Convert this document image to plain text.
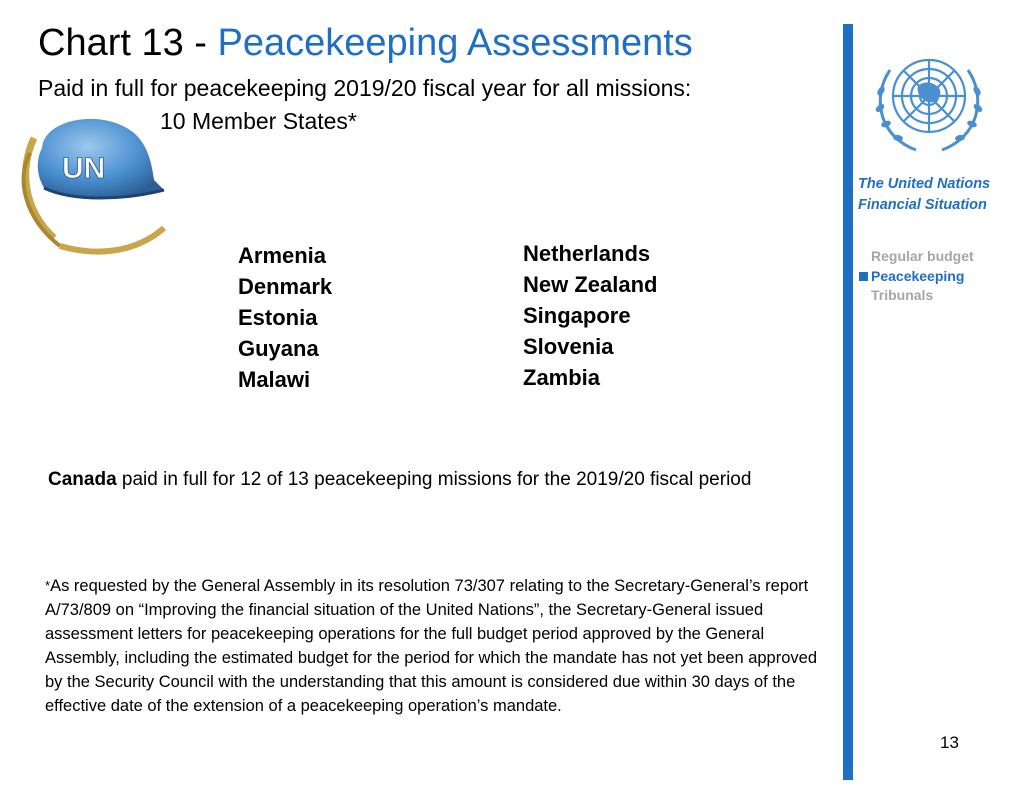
Chart 13 - Peacekeeping Assessments
Paid in full for peacekeeping 2019/20 fiscal year for all missions:
UN
10 Member States*
Armenia
Denmark
Estonia
Guyana
Malawi
Netherlands
New Zealand
Singapore
Slovenia
Zambia
Canada paid in full for 12 of 13 peacekeeping missions for the 2019/20 fiscal period
*As requested by the General Assembly in its resolution 73/307 relating to the Secretary-General’s report A/73/809 on “Improving the financial situation of the United Nations”, the Secretary-General issued assessment letters for peacekeeping operations for the full budget period approved by the General Assembly, including the estimated budget for the period for which the mandate has not yet been approved by the Security Council with the understanding that this amount is considered due within 30 days of the effective date of the extension of a peacekeeping operation’s mandate.
The United Nations
Financial Situation
Regular budget
Peacekeeping
Tribunals
13
